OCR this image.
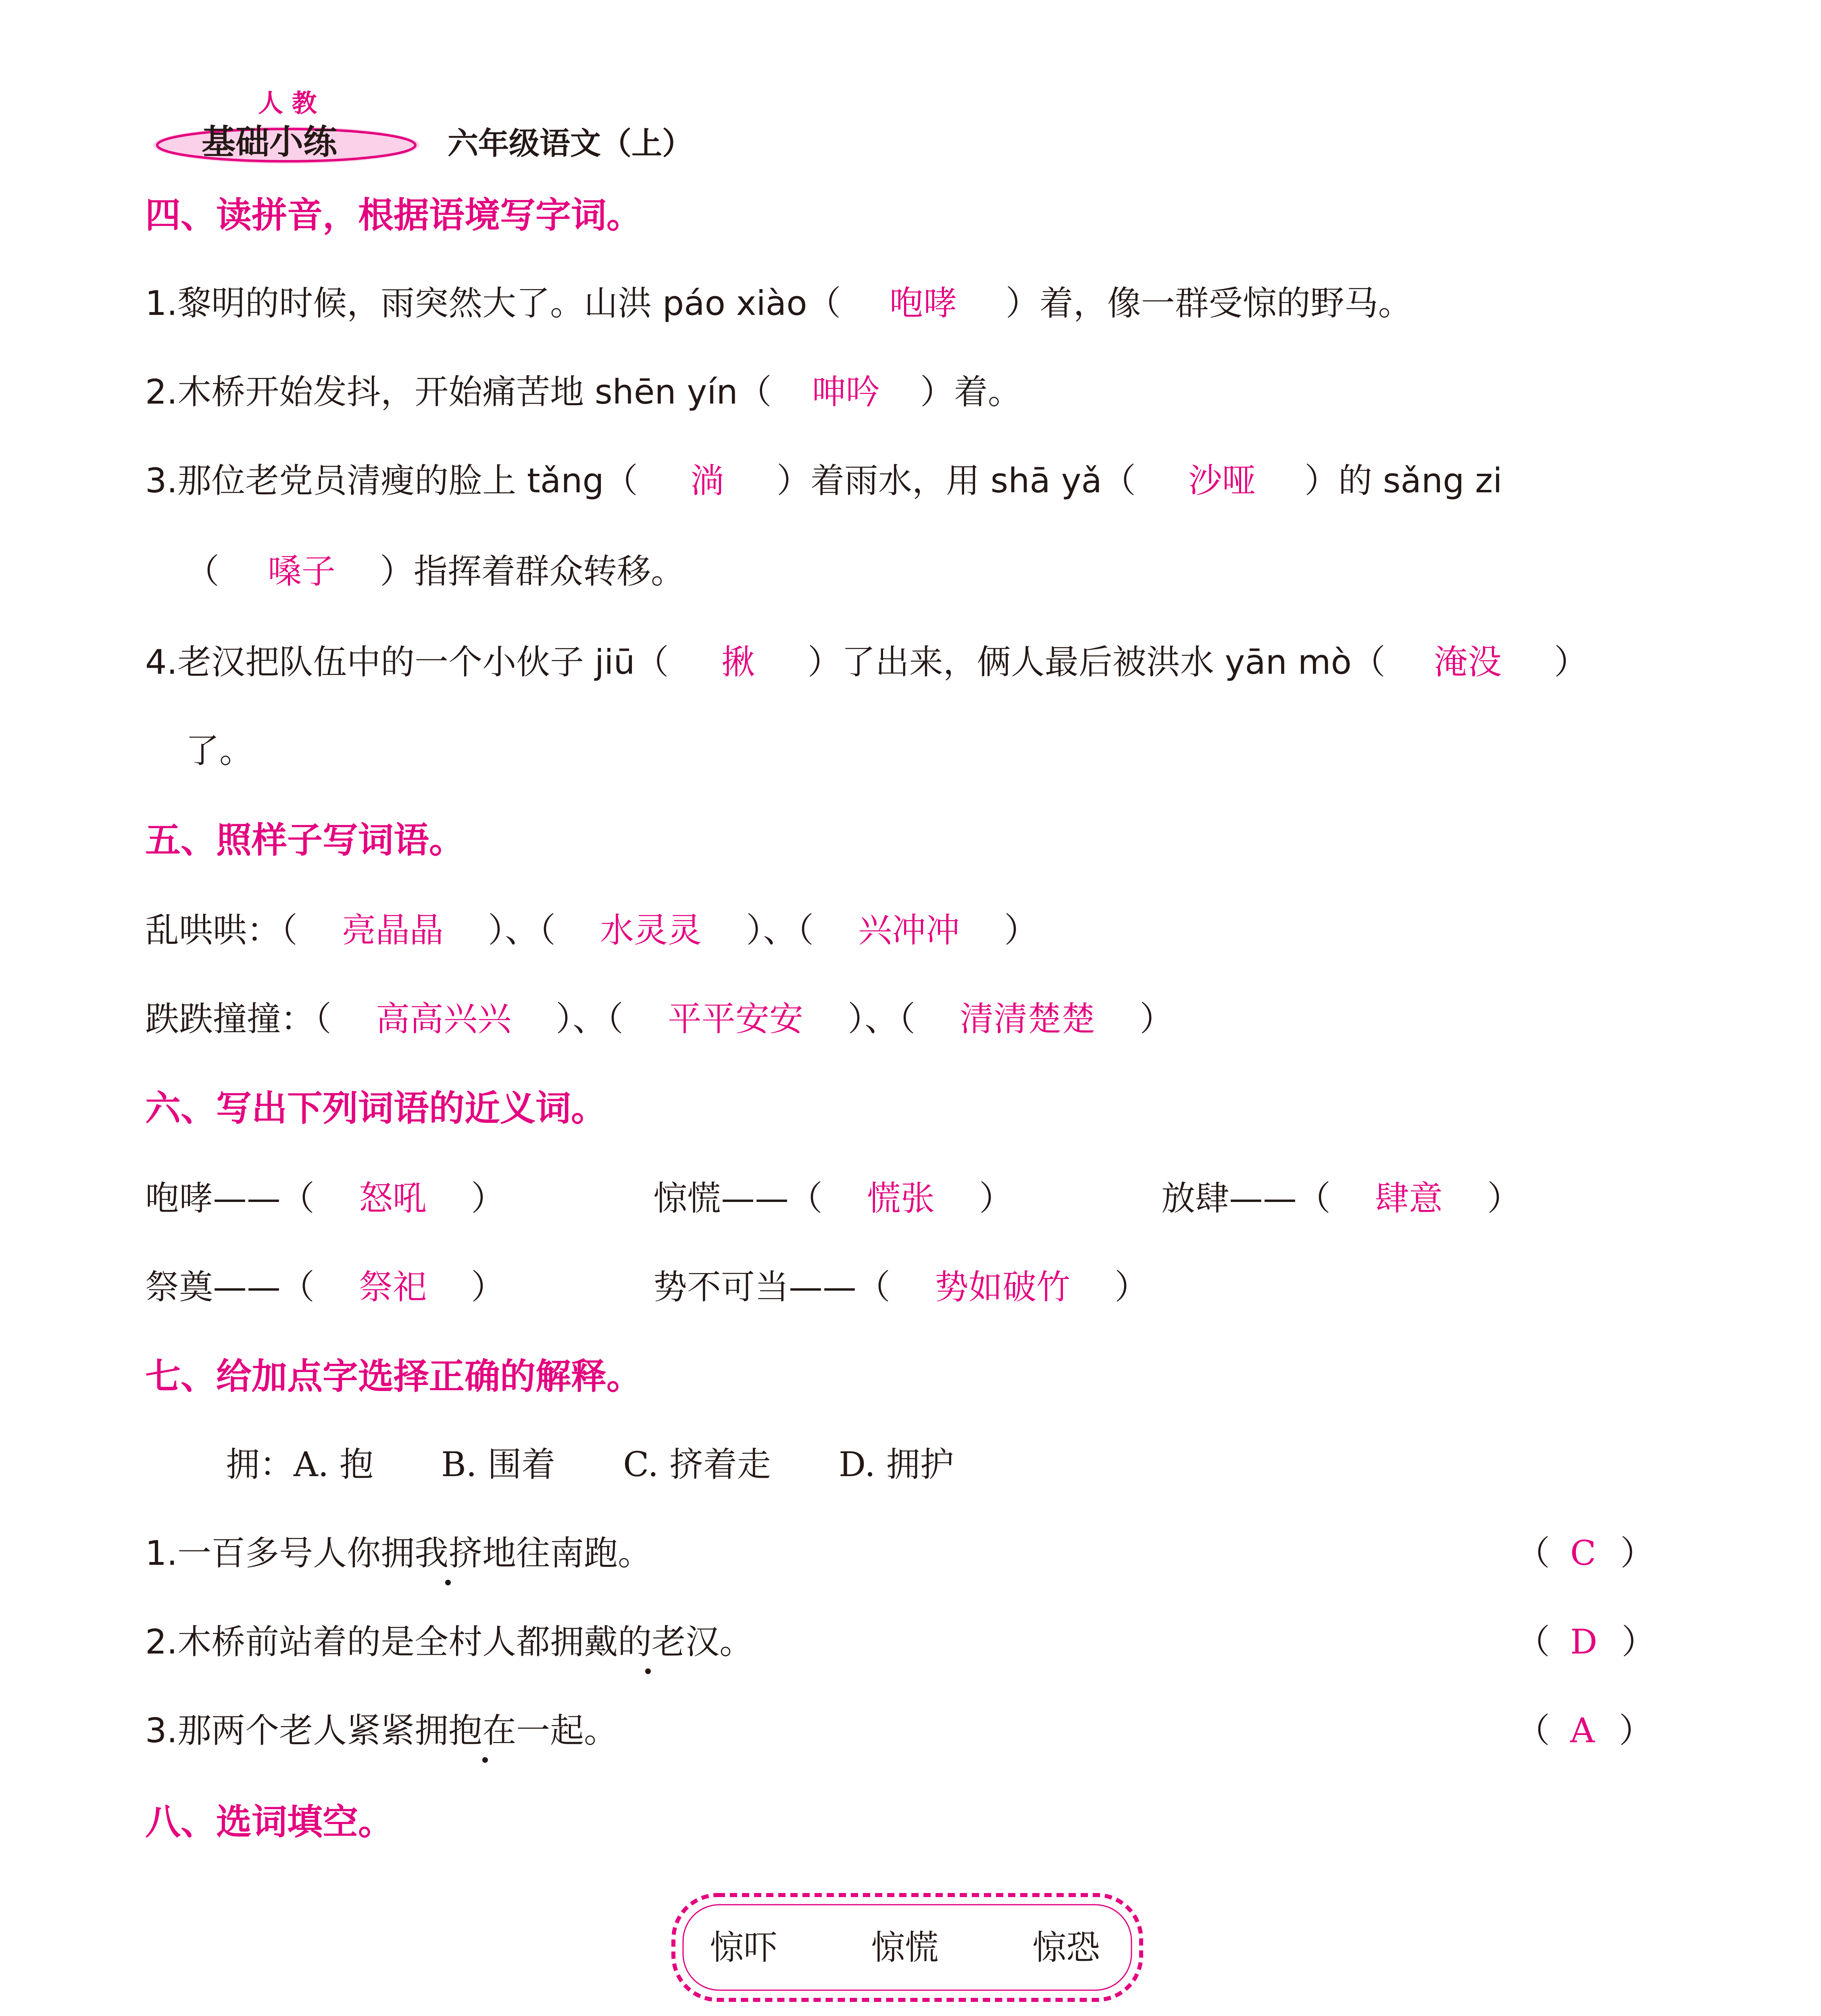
人 教
基础小练	六年级语文（上）
四、读拼音，根据语境写字词。
1.黎明的时候，雨突然大了。山洪 páo xiào（ 咆哮 ）着，像一群受惊的野马。
2.木桥开始发抖，开始痛苦地 shēn yín（ 呻吟 ）着。
3.那位老党员清瘦的脸上 tǎng（ 淌 ）着雨水，用 shā yǎ（ 沙哑 ）的 sǎng zi
（ 嗓子 ）指挥着群众转移。
4.老汉把队伍中的一个小伙子 jiū（ 揪 ）了出来，俩人最后被洪水 yān mò（ 淹没 ）
了。
五、照样子写词语。
乱哄哄：（ 亮晶晶 ）、（ 水灵灵 ）、（ 兴冲冲 ）
跌跌撞撞：（ 高高兴兴 ）、（ 平平安安 ）、（ 清清楚楚 ）
六、写出下列词语的近义词。
咆哮——（ 怒吼 ）	惊慌——（ 慌张 ）	放肆——（ 肆意 ）
祭奠——（ 祭祀 ）	势不可当——（ 势如破竹 ）
七、给加点字选择正确的解释。
拥：A. 抱　　B. 围着　　C. 挤着走　　D. 拥护
1.一百多号人你拥我挤地往南跑。	（ C ）
2.木桥前站着的是全村人都拥戴的老汉。	（ D ）
3.那两个老人紧紧拥抱在一起。	（ A ）
八、选词填空。
惊吓	惊慌	惊恐
